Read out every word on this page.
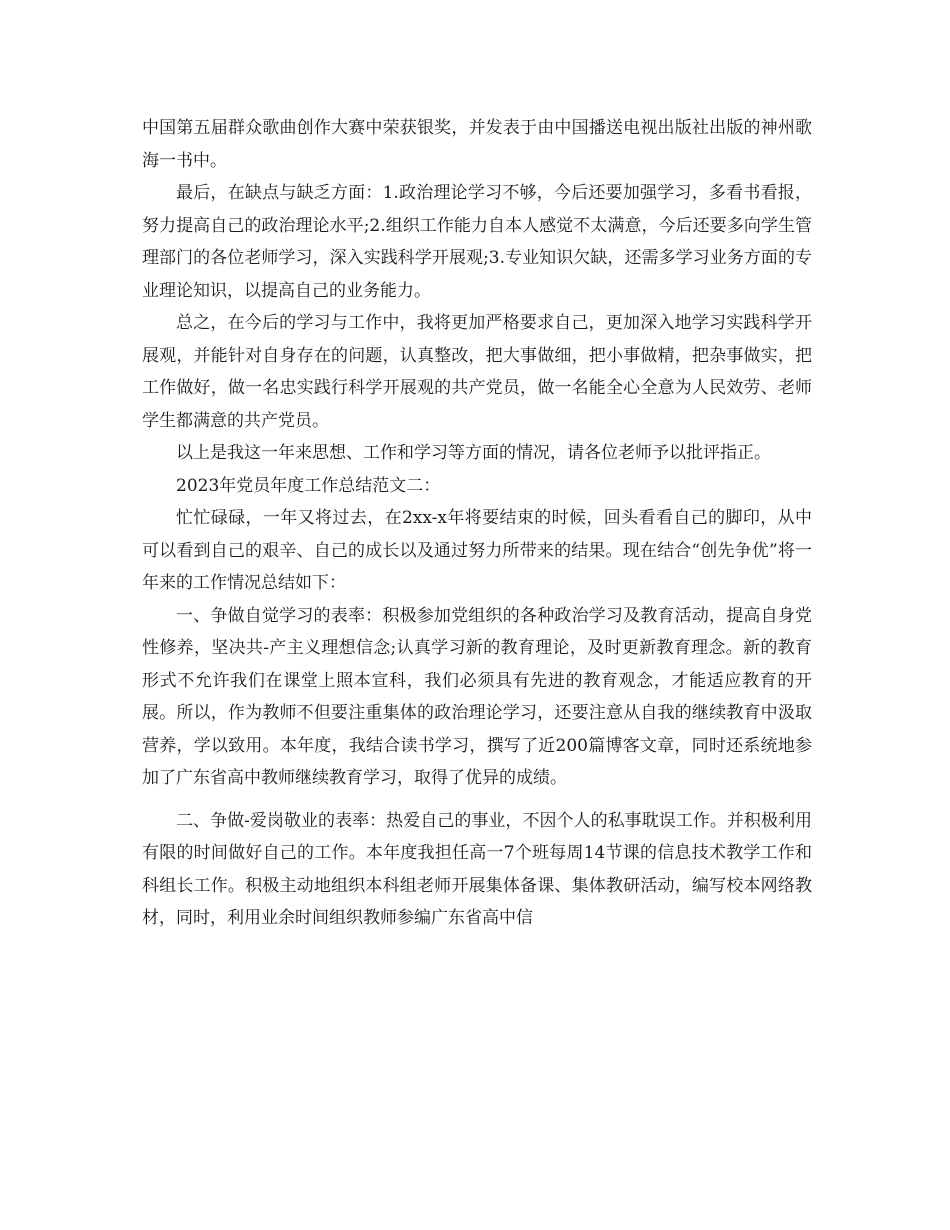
中国第五届群众歌曲创作大赛中荣获银奖，并发表于由中国播送电视出版社出版的神州歌海一书中。

最后，在缺点与缺乏方面：1.政治理论学习不够，今后还要加强学习，多看书看报，努力提高自己的政治理论水平;2.组织工作能力自本人感觉不太满意，今后还要多向学生管理部门的各位老师学习，深入实践科学开展观;3.专业知识欠缺，还需多学习业务方面的专业理论知识，以提高自己的业务能力。

总之，在今后的学习与工作中，我将更加严格要求自己，更加深入地学习实践科学开展观，并能针对自身存在的问题，认真整改，把大事做细，把小事做精，把杂事做实，把工作做好，做一名忠实践行科学开展观的共产党员，做一名能全心全意为人民效劳、老师学生都满意的共产党员。

以上是我这一年来思想、工作和学习等方面的情况，请各位老师予以批评指正。

2023年党员年度工作总结范文二：

忙忙碌碌，一年又将过去，在2xx-x年将要结束的时候，回头看看自己的脚印，从中可以看到自己的艰辛、自己的成长以及通过努力所带来的结果。现在结合“创先争优”将一年来的工作情况总结如下：

一、争做自觉学习的表率：积极参加党组织的各种政治学习及教育活动，提高自身党性修养，坚决共-产主义理想信念;认真学习新的教育理论，及时更新教育理念。新的教育形式不允许我们在课堂上照本宣科，我们必须具有先进的教育观念，才能适应教育的开展。所以，作为教师不但要注重集体的政治理论学习，还要注意从自我的继续教育中汲取营养，学以致用。本年度，我结合读书学习，撰写了近200篇博客文章，同时还系统地参加了广东省高中教师继续教育学习，取得了优异的成绩。

二、争做-爱岗敬业的表率：热爱自己的事业，不因个人的私事耽误工作。并积极利用有限的时间做好自己的工作。本年度我担任高一7个班每周14节课的信息技术教学工作和科组长工作。积极主动地组织本科组老师开展集体备课、集体教研活动，编写校本网络教材，同时，利用业余时间组织教师参编广东省高中信
